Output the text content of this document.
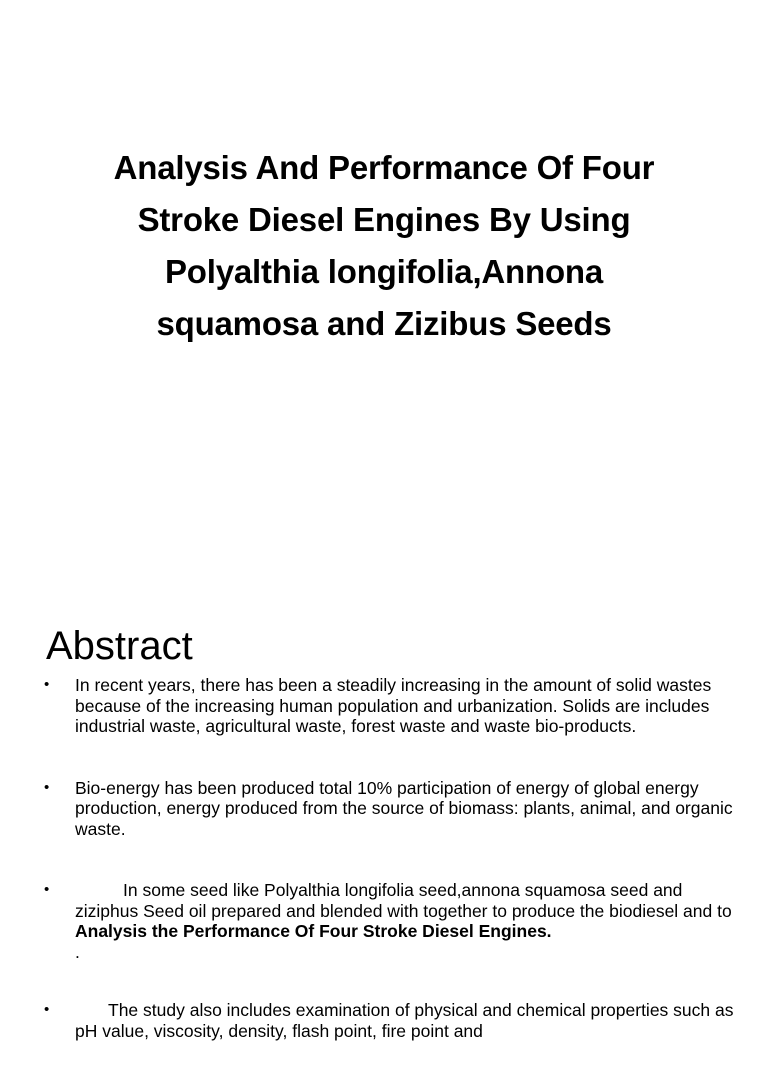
Analysis And Performance Of Four
Stroke Diesel Engines By Using
Polyalthia longifolia,Annona
squamosa and Zizibus Seeds
Abstract
• In recent years, there has been a steadily increasing in the amount of solid wastes because of the increasing human population and urbanization. Solids are includes industrial waste, agricultural waste, forest waste and waste bio-products.
• Bio-energy has been produced total 10% participation of energy of global energy production, energy produced from the source of biomass: plants, animal, and organic waste.
•	In some seed like Polyalthia longifolia seed,annona squamosa seed and ziziphus Seed oil prepared and blended with together to produce the biodiesel and to Analysis the Performance Of Four Stroke Diesel Engines.
.
•	The study also includes examination of physical and chemical properties such as pH value, viscosity, density, flash point, fire point and
